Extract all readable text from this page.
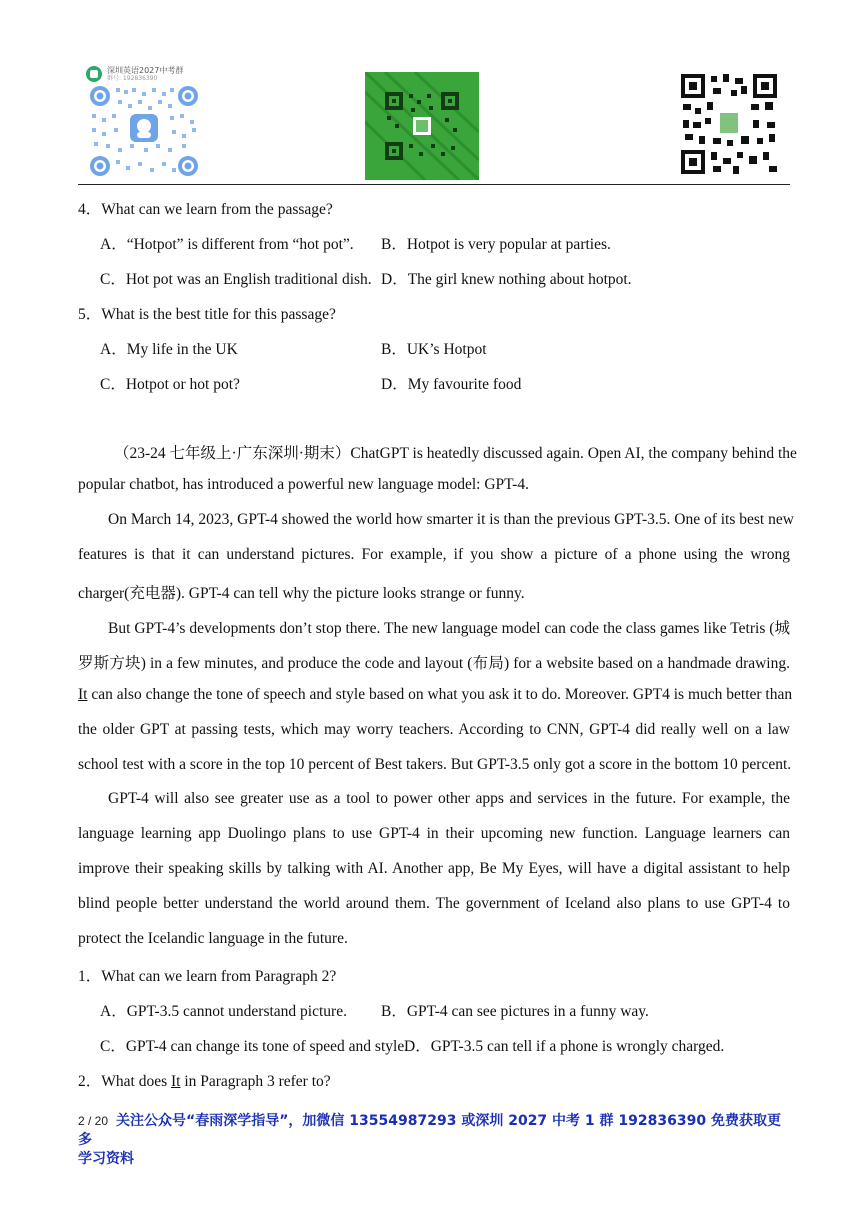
深圳英语2027中考群
群号: 192836390
4．What can we learn from the passage?
A．“Hotpot” is different from “hot pot”. B．Hotpot is very popular at parties.
C．Hot pot was an English traditional dish. D．The girl knew nothing about hotpot.
5．What is the best title for this passage?
A．My life in the UK	B．UK’s Hotpot
C．Hotpot or hot pot?	D．My favourite food
（23-24 七年级上·广东深圳·期末）ChatGPT is heatedly discussed again. Open AI, the company behind the
popular chatbot, has introduced a powerful new language model: GPT-4.
On March 14, 2023, GPT-4 showed the world how smarter it is than the previous GPT-3.5. One of its best new
features is that it can understand pictures. For example, if you show a picture of a phone using the wrong
charger(充电器). GPT-4 can tell why the picture looks strange or funny.
But GPT-4’s developments don’t stop there. The new language model can code the class games like Tetris (城
罗斯方块) in a few minutes, and produce the code and layout (布局) for a website based on a handmade drawing.
It can also change the tone of speech and style based on what you ask it to do. Moreover. GPT4 is much better than
the older GPT at passing tests, which may worry teachers. According to CNN, GPT-4 did really well on a law
school test with a score in the top 10 percent of Best takers. But GPT-3.5 only got a score in the bottom 10 percent.
GPT-4 will also see greater use as a tool to power other apps and services in the future. For example, the
language learning app Duolingo plans to use GPT-4 in their upcoming new function. Language learners can
improve their speaking skills by talking with AI. Another app, Be My Eyes, will have a digital assistant to help
blind people better understand the world around them. The government of Iceland also plans to use GPT-4 to
protect the Icelandic language in the future.
1．What can we learn from Paragraph 2?
A．GPT-3.5 cannot understand picture. B．GPT-4 can see pictures in a funny way.
C．GPT-4 can change its tone of speed and style.
D．GPT-3.5 can tell if a phone is wrongly charged.
2．What does It in Paragraph 3 refer to?
2 / 20 关注公众号“春雨深学指导”，加微信 13554987293 或深圳 2027 中考 1 群 192836390 免费获取更多
学习资料
